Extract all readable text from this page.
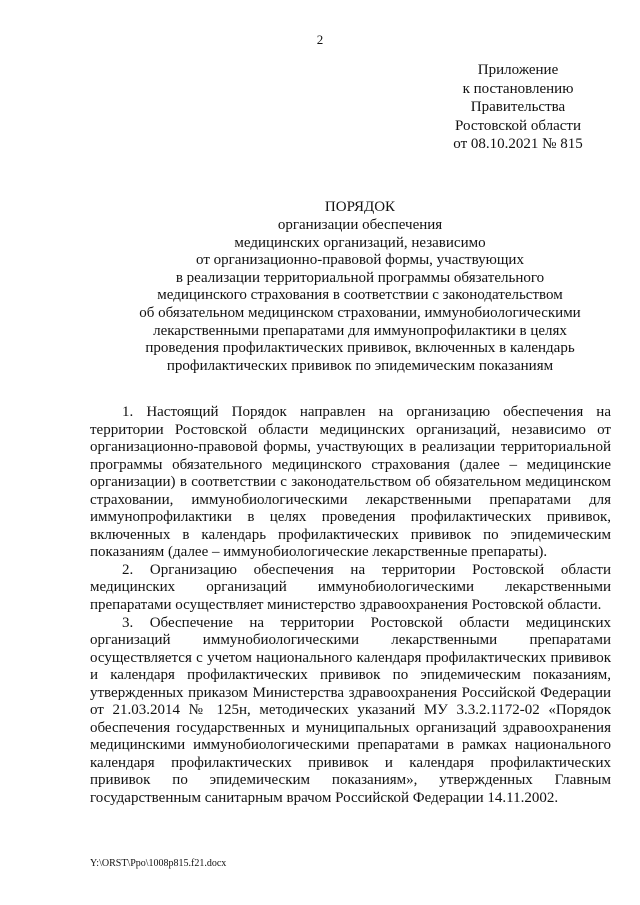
2
Приложение
к постановлению
Правительства
Ростовской области
от 08.10.2021 № 815
ПОРЯДОК
организации обеспечения
медицинских организаций, независимо
от организационно-правовой формы, участвующих
в реализации территориальной программы обязательного
медицинского страхования в соответствии с законодательством
об обязательном медицинском страховании, иммунобиологическими
лекарственными препаратами для иммунопрофилактики в целях
проведения профилактических прививок, включенных в календарь
профилактических прививок по эпидемическим показаниям

1. Настоящий Порядок направлен на организацию обеспечения на территории Ростовской области медицинских организаций, независимо от организационно-правовой формы, участвующих в реализации территориальной программы обязательного медицинского страхования (далее – медицинские организации) в соответствии с законодательством об обязательном медицинском страховании, иммунобиологическими лекарственными препаратами для иммунопрофилактики в целях проведения профилактических прививок, включенных в календарь профилактических прививок по эпидемическим показаниям (далее – иммунобиологические лекарственные препараты).

2. Организацию обеспечения на территории Ростовской области медицинских организаций иммунобиологическими лекарственными препаратами осуществляет министерство здравоохранения Ростовской области.

3. Обеспечение на территории Ростовской области медицинских организаций иммунобиологическими лекарственными препаратами осуществляется с учетом национального календаря профилактических прививок и календаря профилактических прививок по эпидемическим показаниям, утвержденных приказом Министерства здравоохранения Российской Федерации от 21.03.2014 № 125н, методических указаний МУ 3.3.2.1172-02 «Порядок обеспечения государственных и муниципальных организаций здравоохранения медицинскими иммунобиологическими препаратами в рамках национального календаря профилактических прививок и календаря профилактических прививок по эпидемическим показаниям», утвержденных Главным государственным санитарным врачом Российской Федерации 14.11.2002.

Y:\ORST\Ppo\1008p815.f21.docx
